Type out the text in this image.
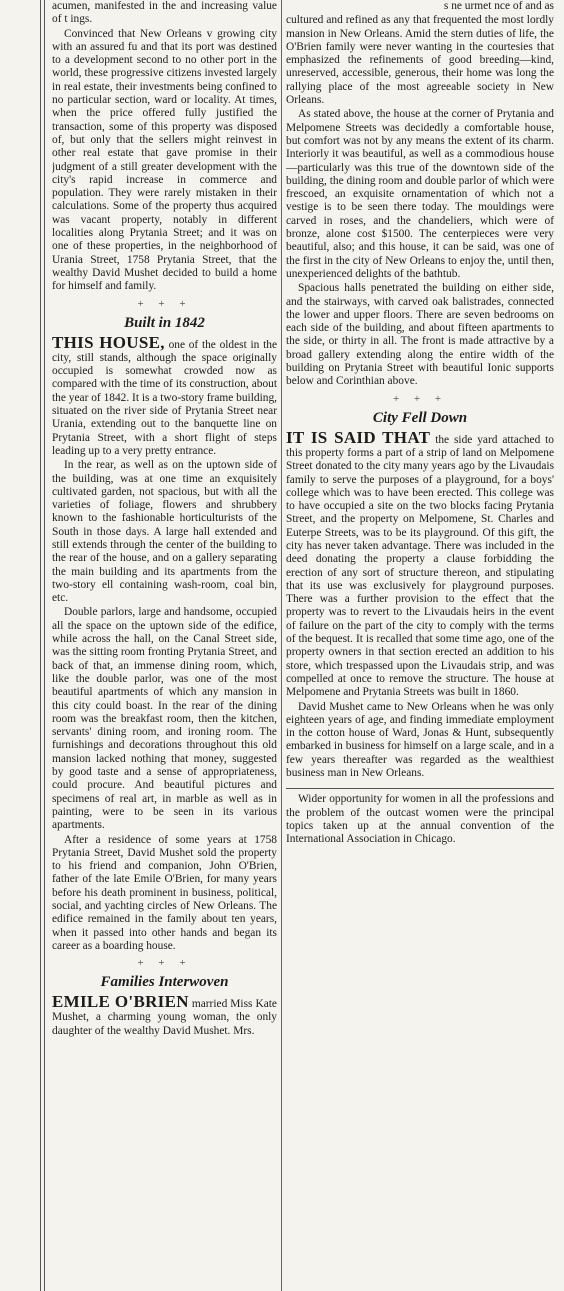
acumen, manifested in the and increasing value of t ings.

Convinced that New Orleans v growing city with an assured fu and that its port was destined to a development second to no other port in the world, these progressive citizens invested largely in real estate, their investments being confined to no particular section, ward or locality. At times, when the price offered fully justified the transaction, some of this property was disposed of, but only that the sellers might reinvest in other real estate that gave promise in their judgment of a still greater development with the city's rapid increase in commerce and population. They were rarely mistaken in their calculations. Some of the property thus acquired was vacant property, notably in different localities along Prytania Street; and it was on one of these properties, in the neighborhood of Urania Street, 1758 Prytania Street, that the wealthy David Mushet decided to build a home for himself and family.

+ + +
Built in 1842

THIS HOUSE, one of the oldest in the city, still stands, although the space originally occupied is somewhat crowded now as compared with the time of its construction, about the year of 1842. It is a two-story frame building, situated on the river side of Prytania Street near Urania, extending out to the banquette line on Prytania Street, with a short flight of steps leading up to a very pretty entrance.

In the rear, as well as on the uptown side of the building, was at one time an exquisitely cultivated garden, not spacious, but with all the varieties of foliage, flowers and shrubbery known to the fashionable horticulturists of the South in those days. A large hall extended and still extends through the center of the building to the rear of the house, and on a gallery separating the main building and its apartments from the two-story ell containing wash-room, coal bin, etc.

Double parlors, large and handsome, occupied all the space on the uptown side of the edifice, while across the hall, on the Canal Street side, was the sitting room fronting Prytania Street, and back of that, an immense dining room, which, like the double parlor, was one of the most beautiful apartments of which any mansion in this city could boast. In the rear of the dining room was the breakfast room, then the kitchen, servants' dining room, and ironing room. The furnishings and decorations throughout this old mansion lacked nothing that money, suggested by good taste and a sense of appropriateness, could procure. And beautiful pictures and specimens of real art, in marble as well as in painting, were to be seen in its various apartments.

After a residence of some years at 1758 Prytania Street, David Mushet sold the property to his friend and companion, John O'Brien, father of the late Emile O'Brien, for many years before his death prominent in business, political, social, and yachting circles of New Orleans. The edifice remained in the family about ten years, when it passed into other hands and began its career as a boarding house.

+ + +
Families Interwoven

EMILE O'BRIEN married Miss Kate Mushet, a charming young woman, the only daughter of the wealthy David Mushet. Mrs.

s ne urmet nce of and as

cultured and refined as any that frequented the most lordly mansion in New Orleans. Amid the stern duties of life, the O'Brien family were never wanting in the courtesies that emphasized the refinements of good breeding—kind, unreserved, accessible, generous, their home was long the rallying place of the most agreeable society in New Orleans.

As stated above, the house at the corner of Prytania and Melpomene Streets was decidedly a comfortable house, but comfort was not by any means the extent of its charm. Interiorly it was beautiful, as well as a commodious house—particularly was this true of the downtown side of the building, the dining room and double parlor of which were frescoed, an exquisite ornamentation of which not a vestige is to be seen there today. The mouldings were carved in roses, and the chandeliers, which were of bronze, alone cost $1500. The centerpieces were very beautiful, also; and this house, it can be said, was one of the first in the city of New Orleans to enjoy the, until then, unexperienced delights of the bathtub.

Spacious halls penetrated the building on either side, and the stairways, with carved oak balistrades, connected the lower and upper floors. There are seven bedrooms on each side of the building, and about fifteen apartments to the side, or thirty in all. The front is made attractive by a broad gallery extending along the entire width of the building on Prytania Street with beautiful Ionic supports below and Corinthian above.

+ + +
City Fell Down

IT IS SAID THAT the side yard attached to this property forms a part of a strip of land on Melpomene Street donated to the city many years ago by the Livaudais family to serve the purposes of a playground, for a boys' college which was to have been erected. This college was to have occupied a site on the two blocks facing Prytania Street, and the property on Melpomene, St. Charles and Euterpe Streets, was to be its playground. Of this gift, the city has never taken advantage. There was included in the deed donating the property a clause forbidding the erection of any sort of structure thereon, and stipulating that its use was exclusively for playground purposes. There was a further provision to the effect that the property was to revert to the Livaudais heirs in the event of failure on the part of the city to comply with the terms of the bequest. It is recalled that some time ago, one of the property owners in that section erected an addition to his store, which trespassed upon the Livaudais strip, and was compelled at once to remove the structure. The house at Melpomene and Prytania Streets was built in 1860.

David Mushet came to New Orleans when he was only eighteen years of age, and finding immediate employment in the cotton house of Ward, Jonas & Hunt, subsequently embarked in business for himself on a large scale, and in a few years thereafter was regarded as the wealthiest business man in New Orleans.

Wider opportunity for women in all the professions and the problem of the outcast women were the principal topics taken up at the annual convention of the International Association in Chicago.
